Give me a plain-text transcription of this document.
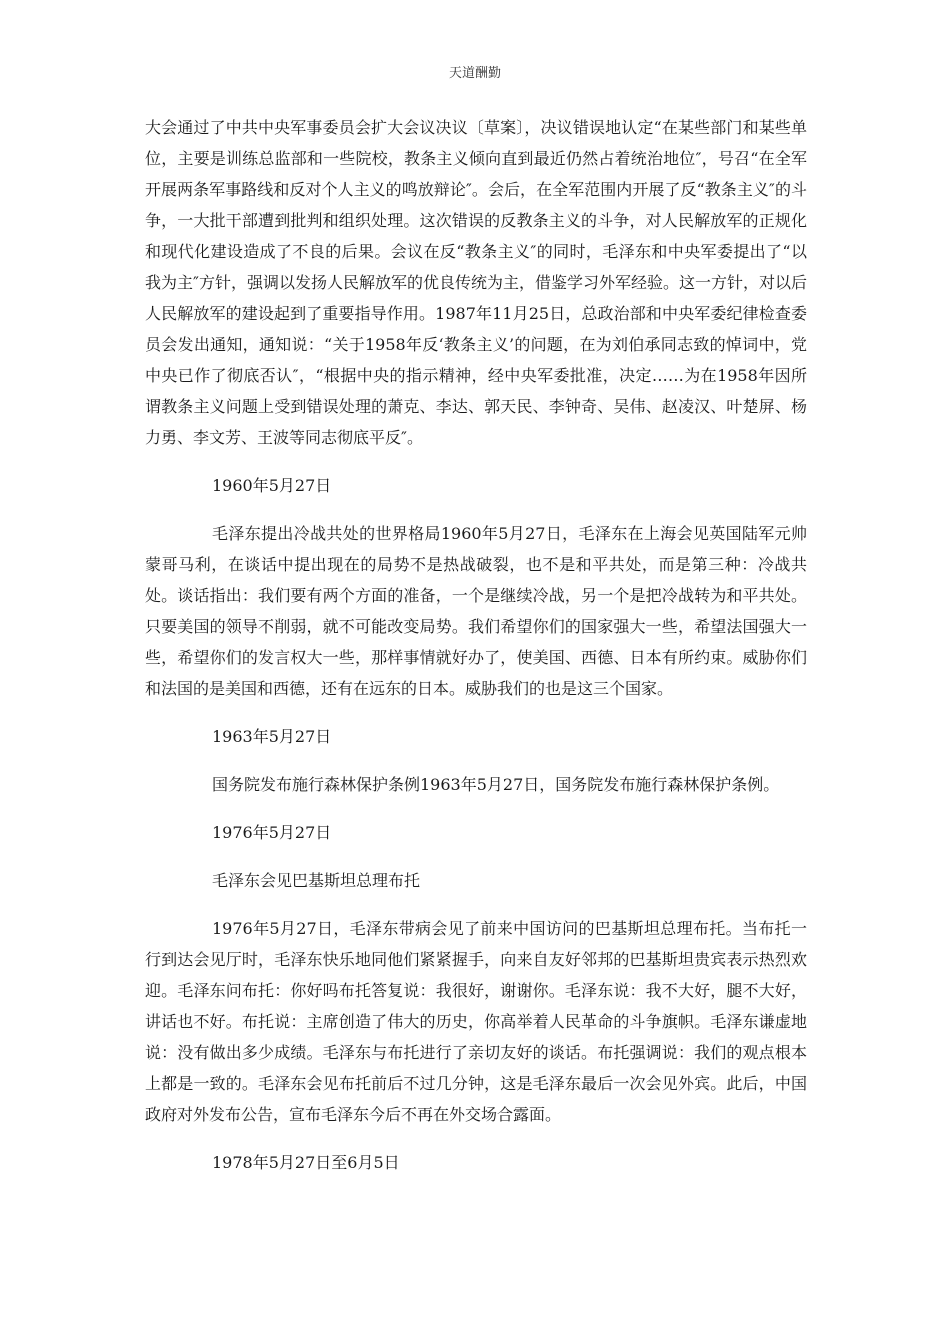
天道酬勤

大会通过了中共中央军事委员会扩大会议决议〔草案〕，决议错误地认定“在某些部门和某些单位，主要是训练总监部和一些院校，教条主义倾向直到最近仍然占着统治地位″，号召“在全军开展两条军事路线和反对个人主义的鸣放辩论″。会后，在全军范围内开展了反“教条主义″的斗争，一大批干部遭到批判和组织处理。这次错误的反教条主义的斗争，对人民解放军的正规化和现代化建设造成了不良的后果。会议在反“教条主义″的同时，毛泽东和中央军委提出了“以我为主″方针，强调以发扬人民解放军的优良传统为主，借鉴学习外军经验。这一方针，对以后人民解放军的建设起到了重要指导作用。1987年11月25日，总政治部和中央军委纪律检查委员会发出通知，通知说：“关于1958年反‘教条主义’的问题，在为刘伯承同志致的悼词中，党中央已作了彻底否认″，“根据中央的指示精神，经中央军委批准，决定……为在1958年因所谓教条主义问题上受到错误处理的萧克、李达、郭天民、李钟奇、吴伟、赵凌汉、叶楚屏、杨力勇、李文芳、王波等同志彻底平反″。

1960年5月27日

毛泽东提出冷战共处的世界格局1960年5月27日，毛泽东在上海会见英国陆军元帅蒙哥马利，在谈话中提出现在的局势不是热战破裂，也不是和平共处，而是第三种：冷战共处。谈话指出：我们要有两个方面的准备，一个是继续冷战，另一个是把冷战转为和平共处。只要美国的领导不削弱，就不可能改变局势。我们希望你们的国家强大一些，希望法国强大一些，希望你们的发言权大一些，那样事情就好办了，使美国、西德、日本有所约束。威胁你们和法国的是美国和西德，还有在远东的日本。威胁我们的也是这三个国家。

1963年5月27日

国务院发布施行森林保护条例1963年5月27日，国务院发布施行森林保护条例。

1976年5月27日

毛泽东会见巴基斯坦总理布托

1976年5月27日，毛泽东带病会见了前来中国访问的巴基斯坦总理布托。当布托一行到达会见厅时，毛泽东快乐地同他们紧紧握手，向来自友好邻邦的巴基斯坦贵宾表示热烈欢迎。毛泽东问布托：你好吗布托答复说：我很好，谢谢你。毛泽东说：我不大好，腿不大好，讲话也不好。布托说：主席创造了伟大的历史，你高举着人民革命的斗争旗帜。毛泽东谦虚地说：没有做出多少成绩。毛泽东与布托进行了亲切友好的谈话。布托强调说：我们的观点根本上都是一致的。毛泽东会见布托前后不过几分钟，这是毛泽东最后一次会见外宾。此后，中国政府对外发布公告，宣布毛泽东今后不再在外交场合露面。

1978年5月27日至6月5日
